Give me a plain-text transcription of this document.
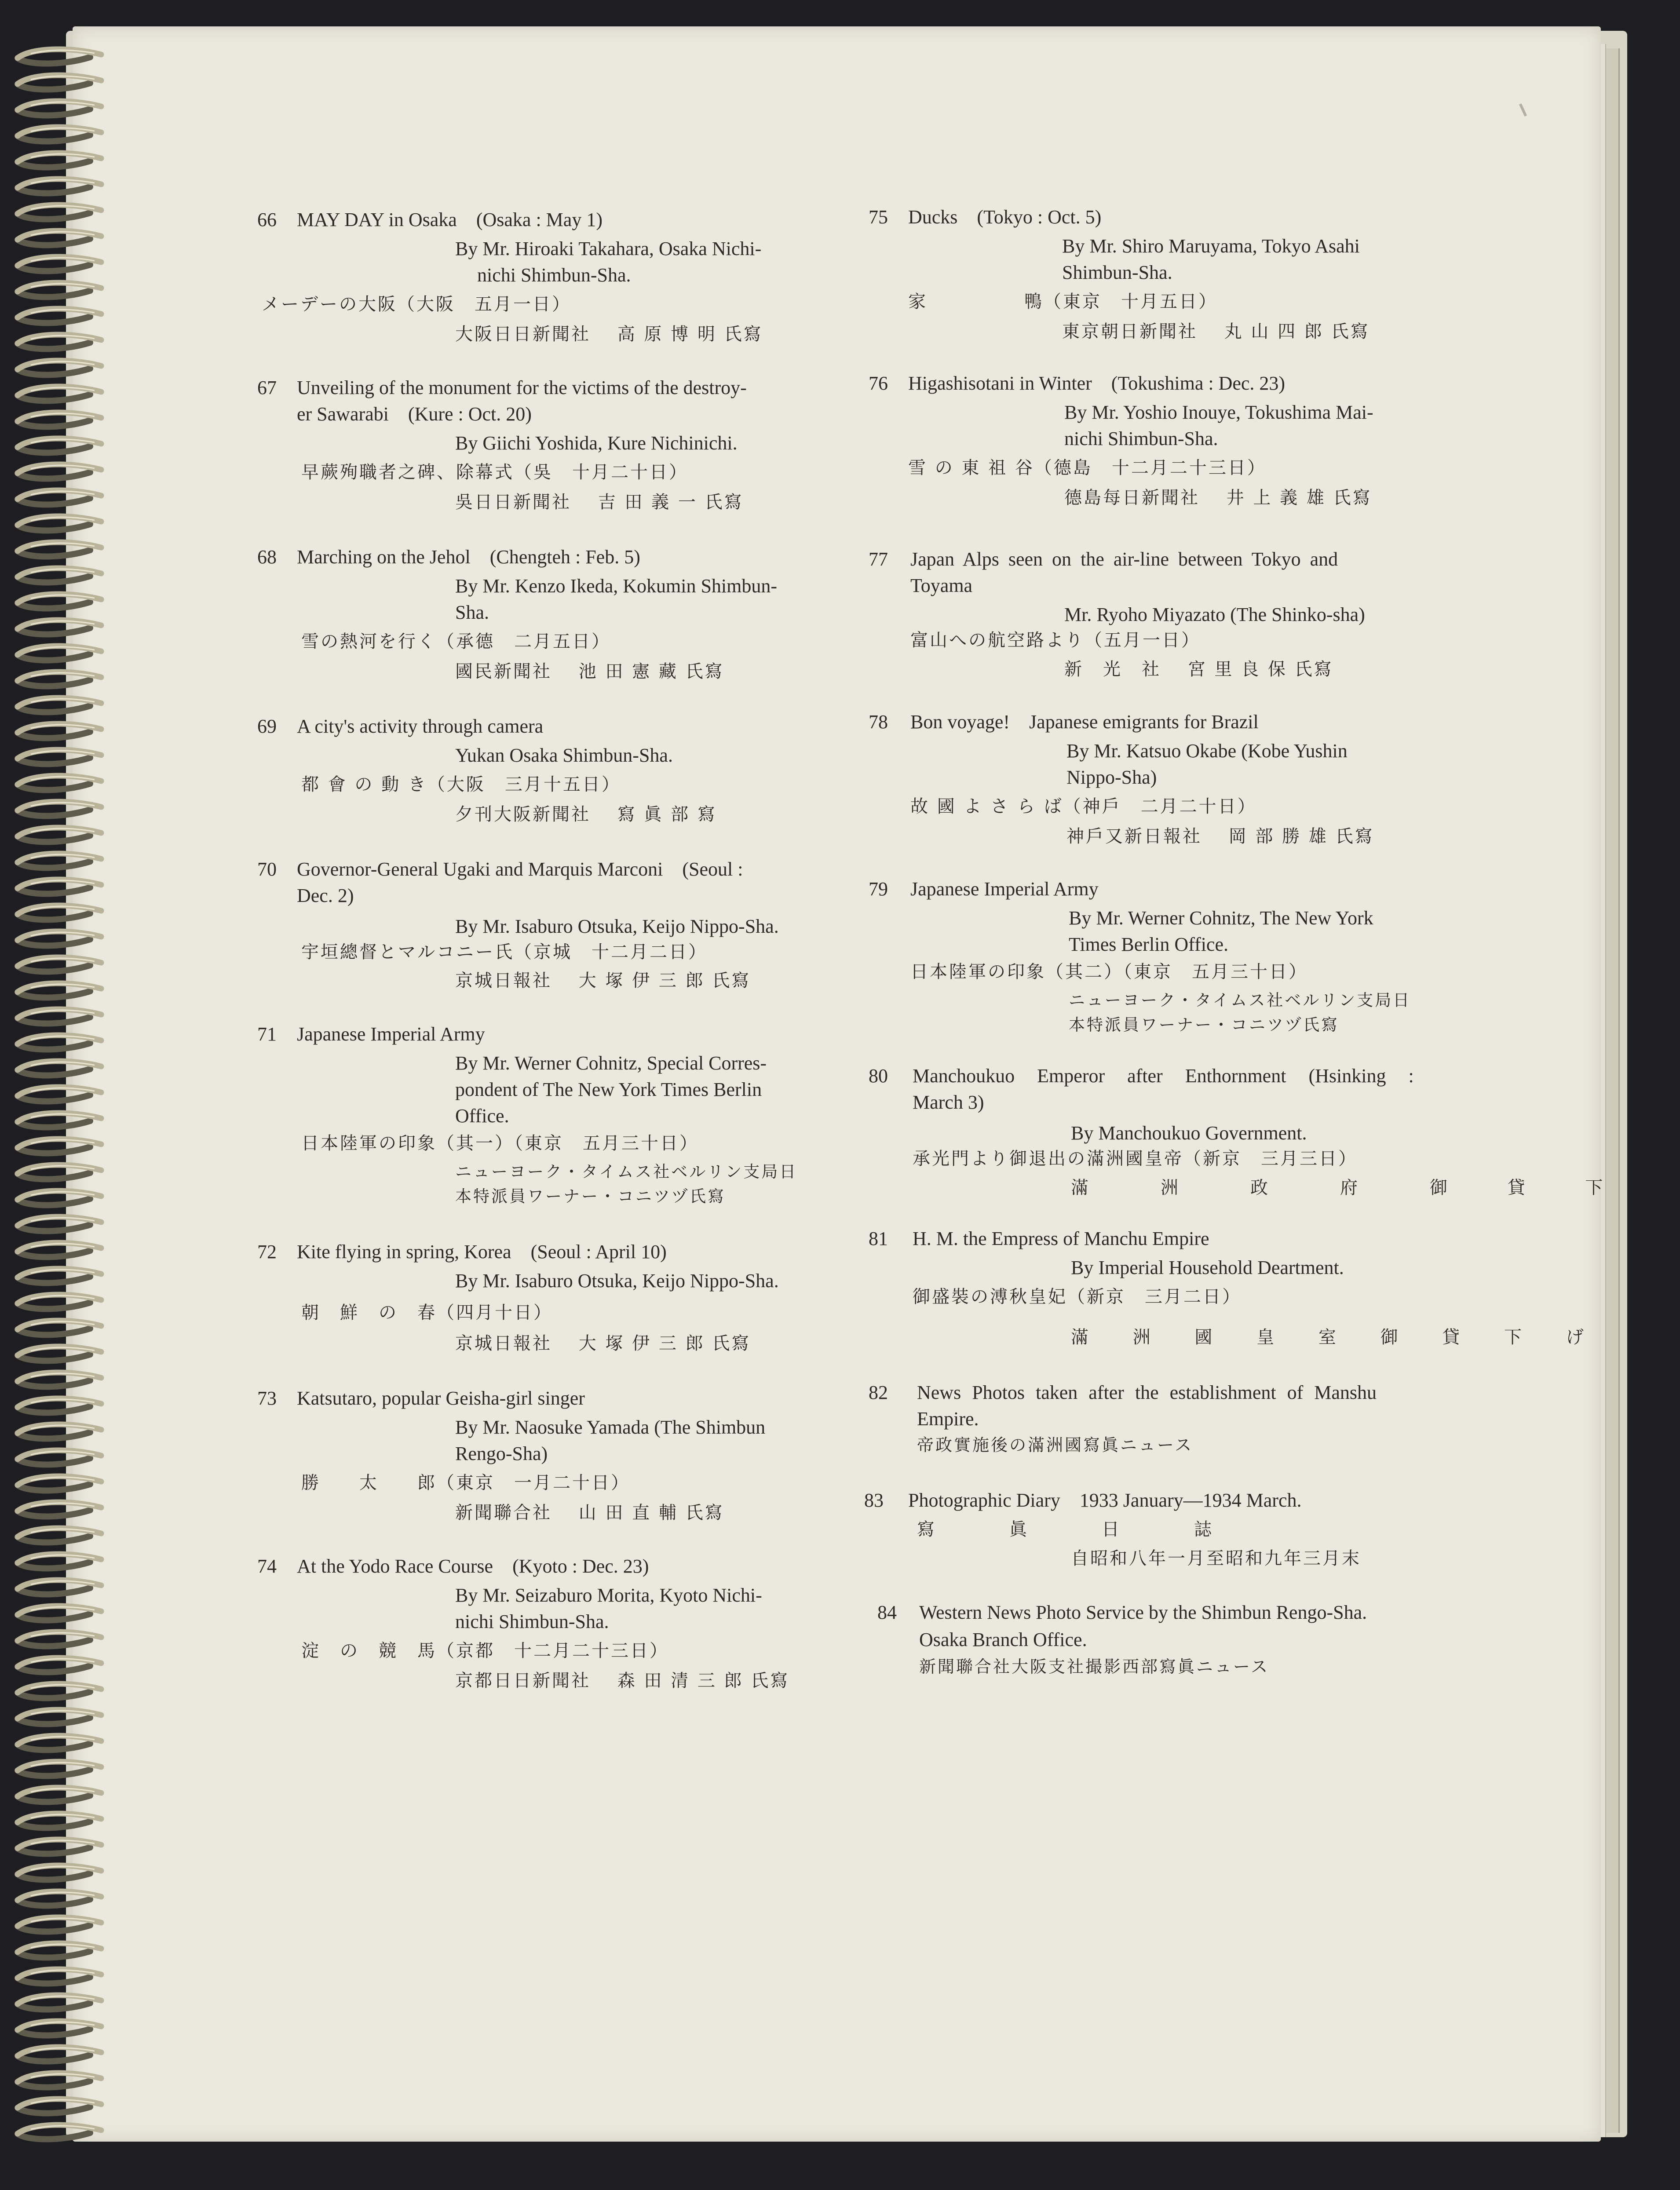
66 MAY DAY in Osaka　(Osaka : May 1)
By Mr. Hiroaki Takahara, Osaka Nichi-
nichi Shimbun-Sha.
メーデーの大阪（大阪　五月一日）
大阪日日新聞社　 高 原 博 明 氏寫
67 Unveiling of the monument for the victims of the destroy-
er Sawarabi　(Kure : Oct. 20)
By Giichi Yoshida, Kure Nichinichi.
早蕨殉職者之碑、除幕式（吳　十月二十日）
吳日日新聞社　 吉 田 義 一 氏寫
68 Marching on the Jehol　(Chengteh : Feb. 5)
By Mr. Kenzo Ikeda, Kokumin Shimbun-
Sha.
雪の熱河を行く（承德　二月五日）
國民新聞社　 池 田 憲 藏 氏寫
69 A city's activity through camera
Yukan Osaka Shimbun-Sha.
都 會 の 動 き（大阪　三月十五日）
夕刊大阪新聞社　 寫 眞 部 寫
70 Governor-General Ugaki and Marquis Marconi　(Seoul :
Dec. 2)
By Mr. Isaburo Otsuka, Keijo Nippo-Sha.
宇垣總督とマルコニー氏（京城　十二月二日）
京城日報社　 大 塚 伊 三 郎 氏寫
71 Japanese Imperial Army
By Mr. Werner Cohnitz, Special Corres-
pondent of The New York Times Berlin
Office.
日本陸軍の印象（其一）（東京　五月三十日）
ニューヨーク・タイムス社ベルリン支局日
本特派員ワーナー・コニツヅ氏寫
72 Kite flying in spring, Korea　(Seoul : April 10)
By Mr. Isaburo Otsuka, Keijo Nippo-Sha.
朝　鮮　の　春（四月十日）
京城日報社　 大 塚 伊 三 郎 氏寫
73 Katsutaro, popular Geisha-girl singer
By Mr. Naosuke Yamada (The Shimbun
Rengo-Sha)
勝　　太　　郎（東京　一月二十日）
新聞聯合社　 山 田 直 輔 氏寫
74 At the Yodo Race Course　(Kyoto : Dec. 23)
By Mr. Seizaburo Morita, Kyoto Nichi-
nichi Shimbun-Sha.
淀　の　競　馬（京都　十二月二十三日）
京都日日新聞社　 森 田 清 三 郎 氏寫
75 Ducks　(Tokyo : Oct. 5)
By Mr. Shiro Maruyama, Tokyo Asahi
Shimbun-Sha.
家　　　　　鴨（東京　十月五日）
東京朝日新聞社　 丸 山 四 郎 氏寫
76 Higashisotani in Winter　(Tokushima : Dec. 23)
By Mr. Yoshio Inouye, Tokushima Mai-
nichi Shimbun-Sha.
雪 の 東 祖 谷（德島　十二月二十三日）
德島每日新聞社　 井 上 義 雄 氏寫
77 Japan Alps seen on the air-line between Tokyo and
Toyama
Mr. Ryoho Miyazato (The Shinko-sha)
富山への航空路より（五月一日）
新　光　社　 宮 里 良 保 氏寫
78 Bon voyage!　Japanese emigrants for Brazil
By Mr. Katsuo Okabe (Kobe Yushin
Nippo-Sha)
故 國 よ さ ら ば（神戶　二月二十日）
神戶又新日報社　 岡 部 勝 雄 氏寫
79 Japanese Imperial Army
By Mr. Werner Cohnitz, The New York
Times Berlin Office.
日本陸軍の印象（其二）（東京　五月三十日）
ニューヨーク・タイムス社ベルリン支局日
本特派員ワーナー・コニツヅ氏寫
80 Manchoukuo Emperor after Enthornment (Hsinking :
March 3)
By Manchoukuo Government.
承光門より御退出の滿洲國皇帝（新京　三月三日）
滿　洲　政　府　御 貸 下
81 H. M. the Empress of Manchu Empire
By Imperial Household Deartment.
御盛裝の溥秋皇妃（新京　三月二日）
滿 洲 國 皇 室 御 貸 下 げ
82 News Photos taken after the establishment of Manshu
Empire.
帝政實施後の滿洲國寫眞ニュース
83 Photographic Diary　1933 January—1934 March.
寫　　眞　　日　　誌
自昭和八年一月至昭和九年三月末
84 Western News Photo Service by the Shimbun Rengo-Sha.
Osaka Branch Office.
新聞聯合社大阪支社撮影西部寫眞ニュース
